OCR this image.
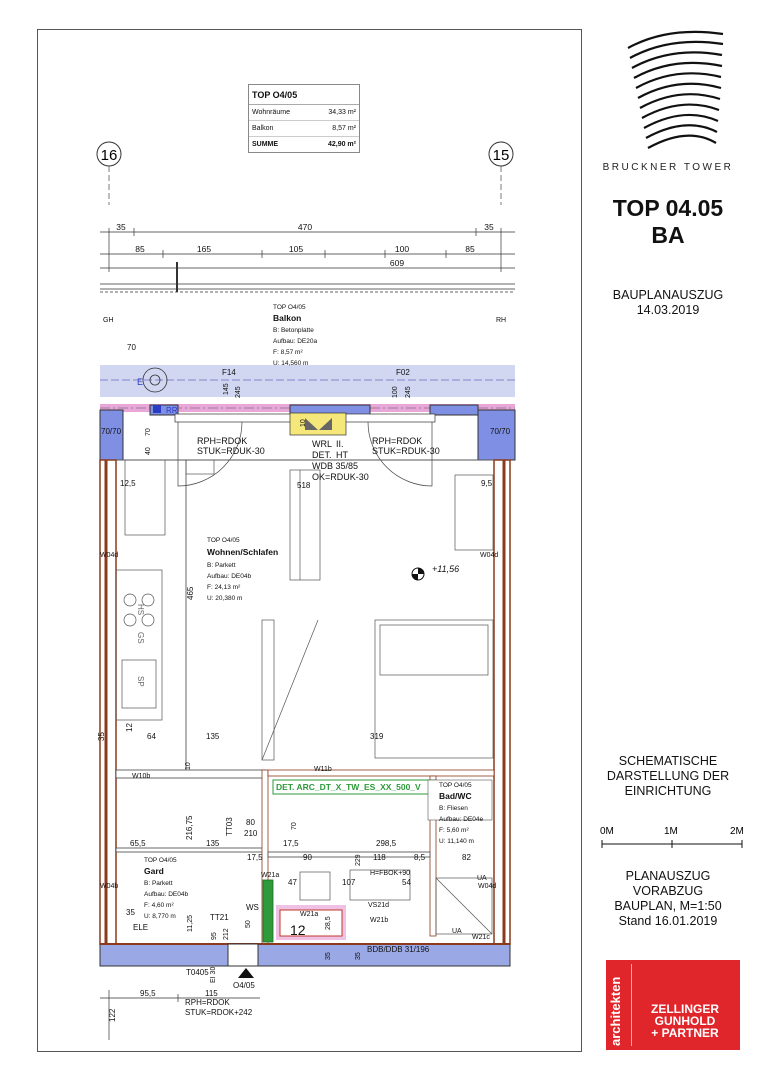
16	15
35	470	35
85	165	105	100	85
609
GH	RH
E
RR
70
F14	F02
145 245	100 245
70/70	70/70
70
40
RPH=RDOK
STUK=RDUK-30
RPH=RDOK
STUK=RDUK-30
WRL II.
DET. HT
WDB 35/85
OK=RDUK-30
10
518
12,5	9,5
W04d	W04d
465
HS
GS
SP
+11,56
12
35	64	135	319
W10b
10	W11b
DET. ARC_DT_X_TW_ES_XX_500_V
216,75	TT03 80
210
70
65,5	135
17,5
17,5	298,5
90	229 118	8,5	82
W21a
47	107
H=FBOK+90
54	UA
VS21d
W04b	W04d
WS
W21a
W21b
W21c
UA
35
11,25 TT21
95 212
50	12	28,5
ELE
BDB/DDB 31/196
35	35
T0405
O4/05
EI 30
95,5	115
RPH=RDOK
STUK=RDOK+242
122
TOP O4/05
Balkon
B: Betonplatte
Aufbau: DE20a
F: 8,57 m²
U: 14,560 m
TOP O4/05
Wohnen/Schlafen
B: Parkett
Aufbau: DE04b
F: 24,13 m²
U: 20,380 m
TOP O4/05
Gard
B: Parkett
Aufbau: DE04b
F: 4,60 m²
U: 8,770 m
TOP O4/05
Bad/WC
B: Fliesen
Aufbau: DE04e
F: 5,60 m²
U: 11,140 m
TOP O4/05
Wohnräume	34,33 m²
Balkon	8,57 m²
SUMME	42,90 m²
BRUCKNER TOWER
TOP 04.05
BA
BAUPLANAUSZUG
14.03.2019
SCHEMATISCHE
DARSTELLUNG DER
EINRICHTUNG
0M	1M	2M
PLANAUSZUG
VORABZUG
BAUPLAN, M=1:50
Stand 16.01.2019
architekten	ZELLINGER
GUNHOLD
+ PARTNER
